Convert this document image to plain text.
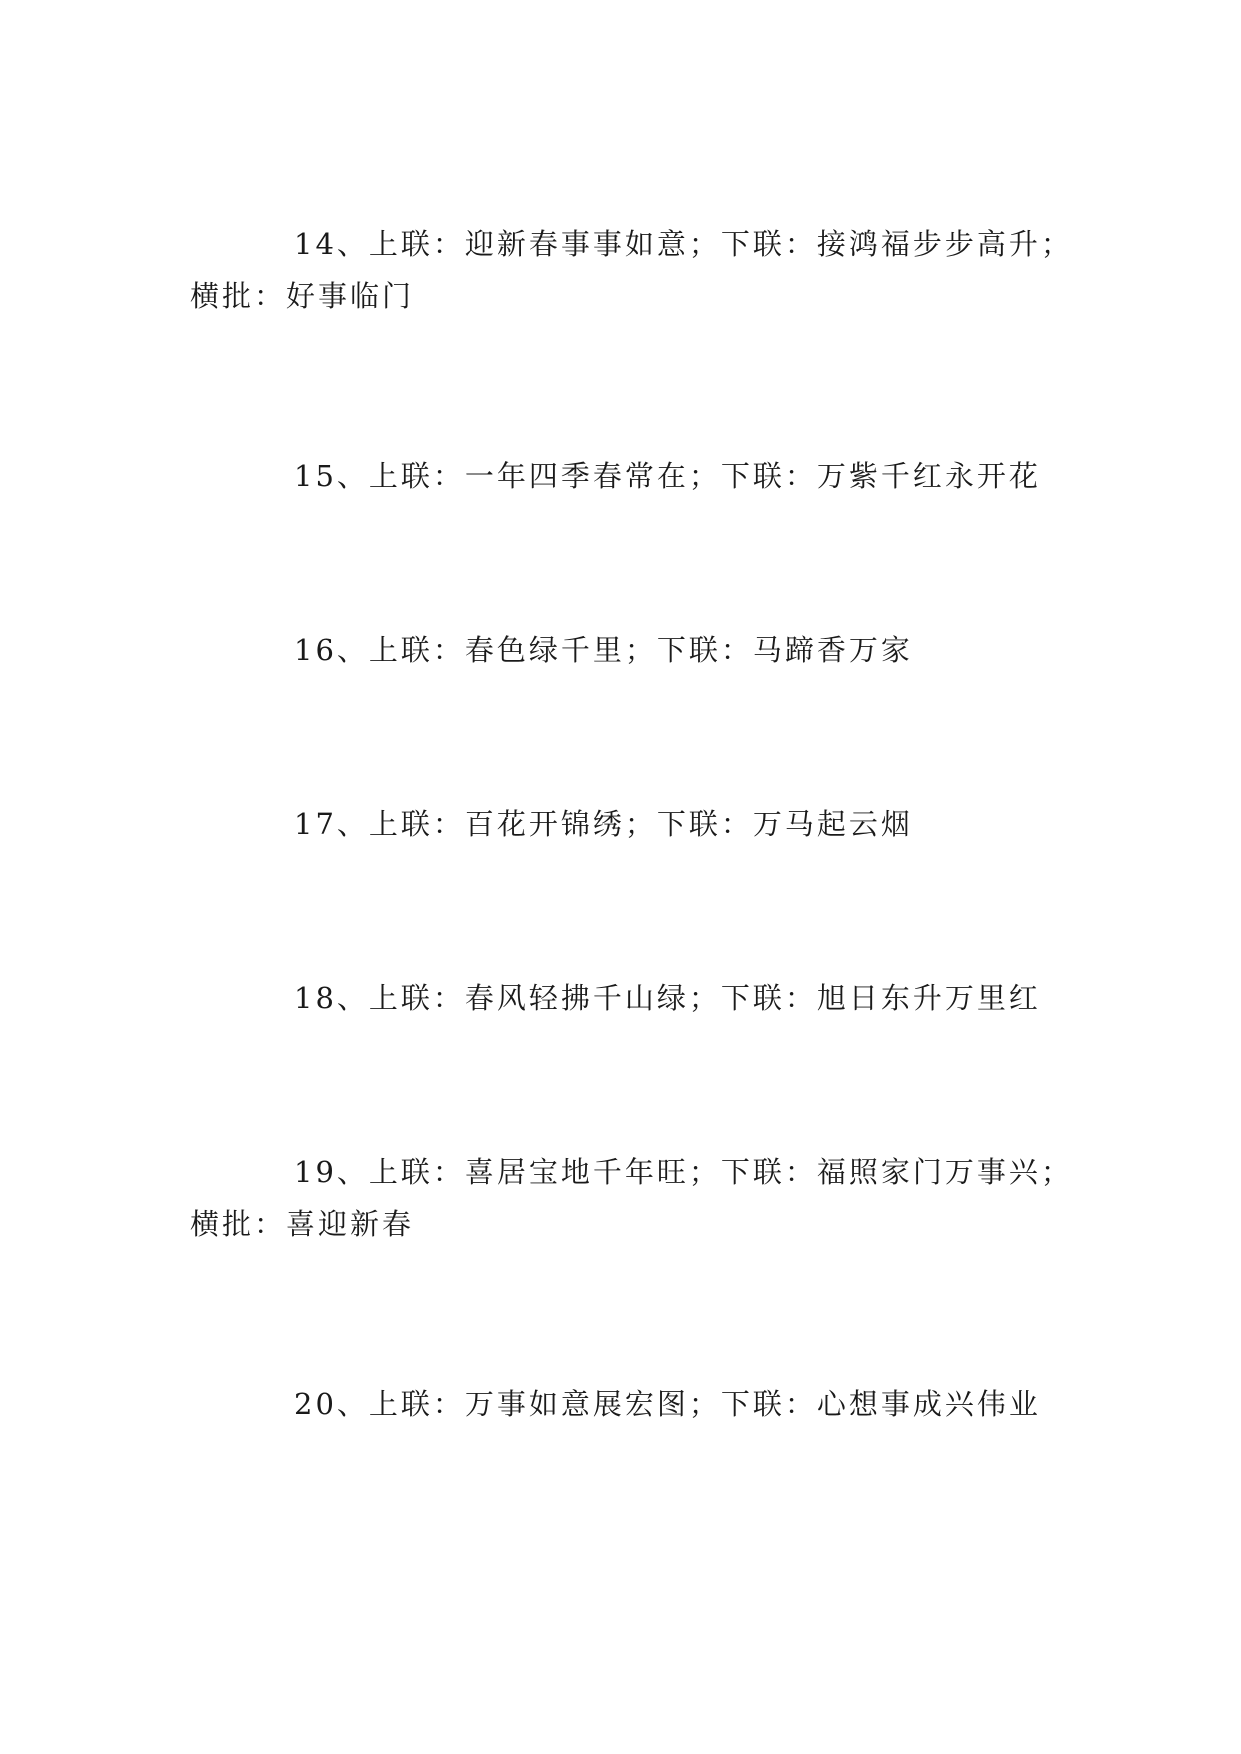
14、上联：迎新春事事如意；下联：接鸿福步步高升；
横批：好事临门
15、上联：一年四季春常在；下联：万紫千红永开花
16、上联：春色绿千里；下联：马蹄香万家
17、上联：百花开锦绣；下联：万马起云烟
18、上联：春风轻拂千山绿；下联：旭日东升万里红
19、上联：喜居宝地千年旺；下联：福照家门万事兴；
横批：喜迎新春
20、上联：万事如意展宏图；下联：心想事成兴伟业
